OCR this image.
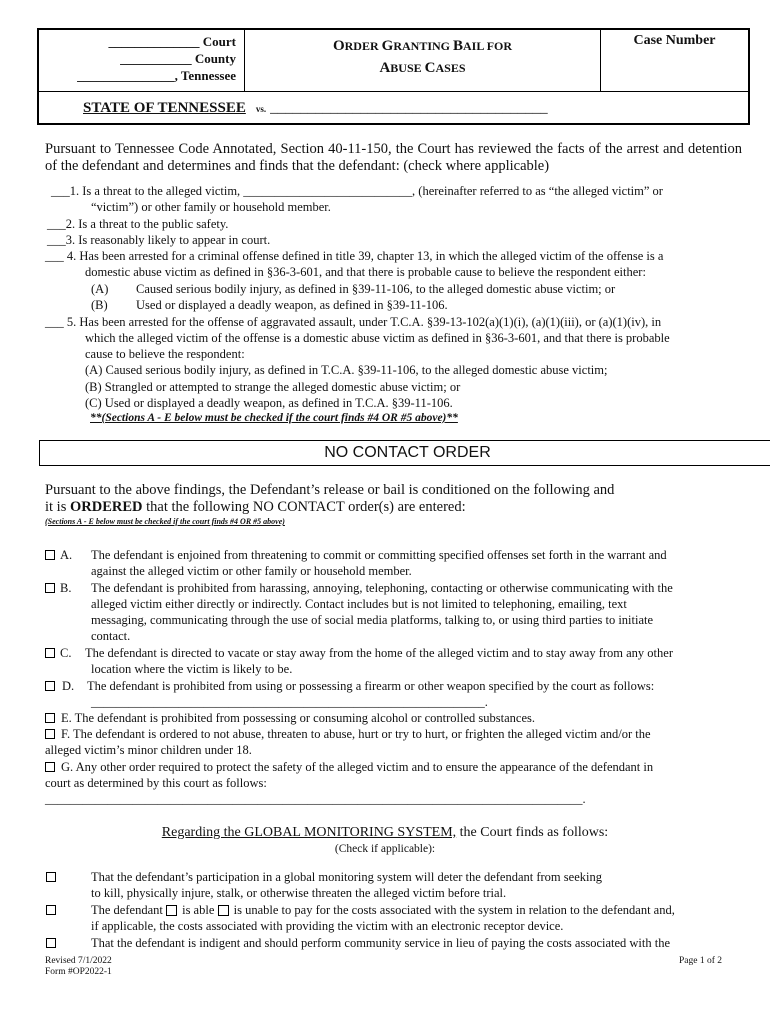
______________ Court
___________ County
_______________, Tennessee
ORDER GRANTING BAIL FOR
ABUSE CASES
Case Number
STATE OF TENNESSEE vs. _____________________________________
Pursuant to Tennessee Code Annotated, Section 40-11-150, the Court has reviewed the facts of the arrest and detention of the defendant and determines and finds that the defendant: (check where applicable)
___1. Is a threat to the alleged victim, ___________________________, (hereinafter referred to as “the alleged victim” or
“victim”) or other family or household member.
___2. Is a threat to the public safety.
___3. Is reasonably likely to appear in court.
___ 4. Has been arrested for a criminal offense defined in title 39, chapter 13, in which the alleged victim of the offense is a
domestic abuse victim as defined in §36-3-601, and that there is probable cause to believe the respondent either:
(A) Caused serious bodily injury, as defined in §39-11-106, to the alleged domestic abuse victim; or
(B) Used or displayed a deadly weapon, as defined in §39-11-106.
___ 5. Has been arrested for the offense of aggravated assault, under T.C.A. §39-13-102(a)(1)(i), (a)(1)(iii), or (a)(1)(iv), in
which the alleged victim of the offense is a domestic abuse victim as defined in §36-3-601, and that there is probable
cause to believe the respondent:
(A) Caused serious bodily injury, as defined in T.C.A. §39-11-106, to the alleged domestic abuse victim;
(B) Strangled or attempted to strange the alleged domestic abuse victim; or
(C) Used or displayed a deadly weapon, as defined in T.C.A. §39-11-106.
**(Sections A - E below must be checked if the court finds #4 OR #5 above)**
NO CONTACT ORDER
Pursuant to the above findings, the Defendant’s release or bail is conditioned on the following and
it is ORDERED that the following NO CONTACT order(s) are entered:
(Sections A - E below must be checked if the court finds #4 OR #5 above)
A. The defendant is enjoined from threatening to commit or committing specified offenses set forth in the warrant and
against the alleged victim or other family or household member.
B. The defendant is prohibited from harassing, annoying, telephoning, contacting or otherwise communicating with the
alleged victim either directly or indirectly. Contact includes but is not limited to telephoning, emailing, text
messaging, communicating through the use of social media platforms, talking to, or using third parties to initiate
contact.
C. The defendant is directed to vacate or stay away from the home of the alleged victim and to stay away from any other
location where the victim is likely to be.
D. The defendant is prohibited from using or possessing a firearm or other weapon specified by the court as follows:
_______________________________________________________________.
E. The defendant is prohibited from possessing or consuming alcohol or controlled substances.
F. The defendant is ordered to not abuse, threaten to abuse, hurt or try to hurt, or frighten the alleged victim and/or the
alleged victim’s minor children under 18.
G. Any other order required to protect the safety of the alleged victim and to ensure the appearance of the defendant in
court as determined by this court as follows:
______________________________________________________________________________________.
Regarding the GLOBAL MONITORING SYSTEM, the Court finds as follows:
(Check if applicable):
That the defendant’s participation in a global monitoring system will deter the defendant from seeking
to kill, physically injure, stalk, or otherwise threaten the alleged victim before trial.
The defendant  is able  is unable to pay for the costs associated with the system in relation to the defendant and,
if applicable, the costs associated with providing the victim with an electronic receptor device.
That the defendant is indigent and should perform community service in lieu of paying the costs associated with the
Revised 7/1/2022
Form #OP2022-1
Page 1 of 2
